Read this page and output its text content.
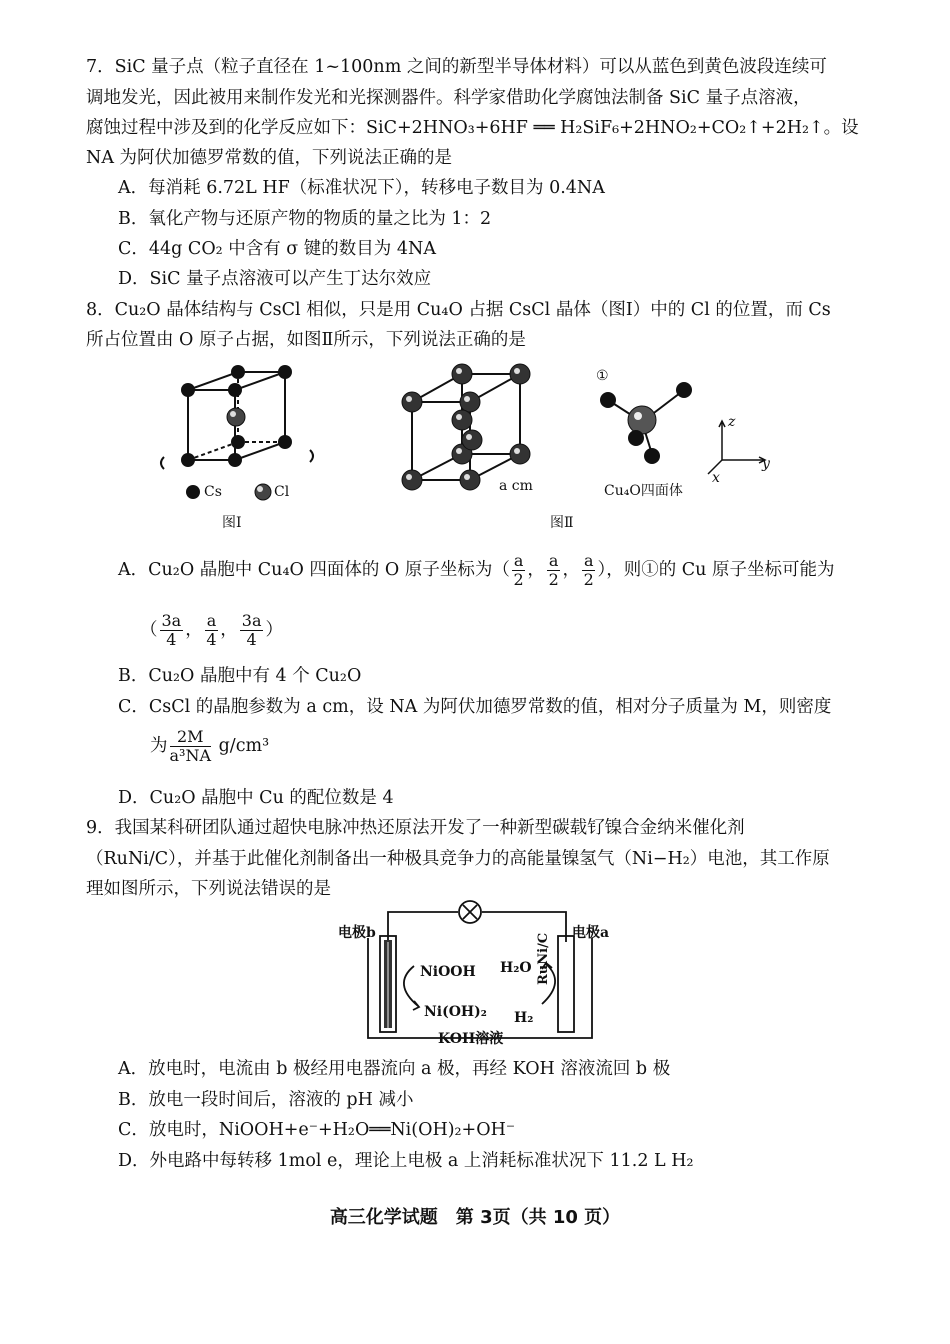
7．SiC 量子点（粒子直径在 1~100nm 之间的新型半导体材料）可以从蓝色到黄色波段连续可
调地发光，因此被用来制作发光和光探测器件。科学家借助化学腐蚀法制备 SiC 量子点溶液，
腐蚀过程中涉及到的化学反应如下：SiC+2HNO₃+6HF ══ H₂SiF₆+2HNO₂+CO₂↑+2H₂↑。设
NA 为阿伏加德罗常数的值，下列说法正确的是
A．每消耗 6.72L HF（标准状况下），转移电子数目为 0.4NA
B．氧化产物与还原产物的物质的量之比为 1：2
C．44g CO₂ 中含有 σ 键的数目为 4NA
D．SiC 量子点溶液可以产生丁达尔效应
8．Cu₂O 晶体结构与 CsCl 相似，只是用 Cu₄O 占据 CsCl 晶体（图Ⅰ）中的 Cl 的位置，而 Cs
所占位置由 O 原子占据，如图Ⅱ所示，下列说法正确的是
Cs	Cl
图Ⅰ
a cm
图Ⅱ
①
Cu₄O四面体
z
y
x
A．Cu₂O 晶胞中 Cu₄O 四面体的 O 原子坐标为（ $\frac{a}{2}$ ， $\frac{a}{2}$ ， $\frac{a}{2}$ ），则①的 Cu 原子坐标可能为
（ $\frac{3a}{4}$ ， $\frac{a}{4}$ ， $\frac{3a}{4}$ ）
B．Cu₂O 晶胞中有 4 个 Cu₂O
C．CsCl 的晶胞参数为 a cm，设 NA 为阿伏加德罗常数的值，相对分子质量为 M，则密度
为 $\frac{2M}{\text{a³NA}} g/cm^3$
D．Cu₂O 晶胞中 Cu 的配位数是 4
9．我国某科研团队通过超快电脉冲热还原法开发了一种新型碳载钌镍合金纳米催化剂
（RuNi/C），并基于此催化剂制备出一种极具竞争力的高能量镍氢气（Ni−H₂）电池，其工作原
理如图所示，下列说法错误的是
电极b	电极a
NiOOH
Ni(OH)₂
H₂O
H₂
RuNi/C
KOH溶液
A．放电时，电流由 b 极经用电器流向 a 极，再经 KOH 溶液流回 b 极
B．放电一段时间后，溶液的 pH 减小
C．放电时，NiOOH+e⁻+H₂O══Ni(OH)₂+OH⁻
D．外电路中每转移 1mol e，理论上电极 a 上消耗标准状况下 11.2 L H₂
高三化学试题　第 3页（共 10 页）
